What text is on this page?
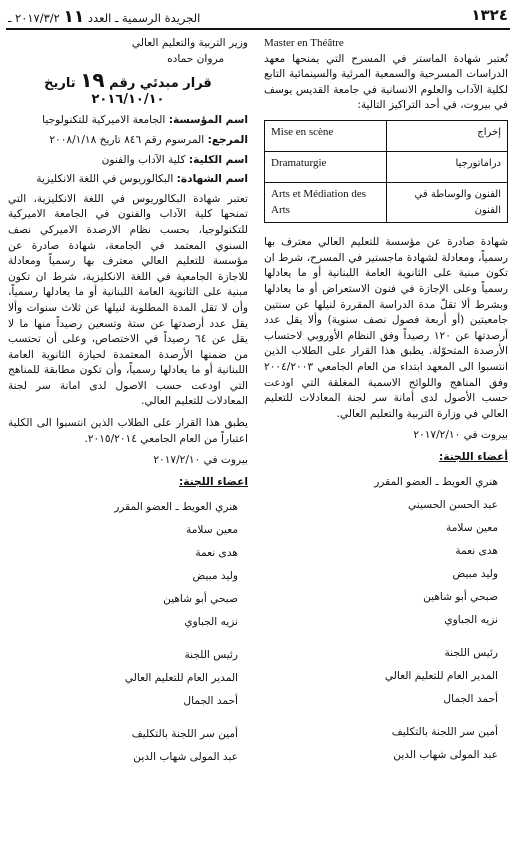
١٣٢٤
الجريدة الرسمية ـ العدد ١١ ٢٠١٧/٣/٢ ـ
Master en Théâtre

تُعتبر شهادة الماستر في المسرح التي يمنحها معهد الدراسات المسرحية والسمعية المرئية والسينمائية التابع لكلية الآداب والعلوم الانسانية في جامعة القديس يوسف في بيروت، في أحد التراكيز التالية:

Mise en scène	إخراج
Dramaturgie	دراماتورجيا
Arts et Médiation des Arts	الفنون والوساطة في الفنون

شهادة صادرة عن مؤسسة للتعليم العالي معترف بها رسمياً، ومعادلة لشهادة ماجستير في المسرح، شرط ان تكون مبنية على الثانوية العامة اللبنانية أو ما يعادلها رسمياً وعلى الإجازة في فنون الاستعراض أو ما يعادلها وبشرط ألا تقلّ مدة الدراسة المقررة لنيلها عن سنتين جامعيتين (أو أربعة فصول نصف سنوية) وألا يقل عدد أرصدتها عن ١٢٠ رصيداً وفق النظام الأوروبي لاحتساب الأرصدة المتحوّلة. يطبق هذا القرار على الطلاب الذين انتسبوا الى المعهد ابتداء من العام الجامعي ٢٠٠٤/٢٠٠٣ وفق المناهج واللوائح الاسمية المغلقة التي اودعت حسب الأصول لدى أمانة سر لجنة المعادلات للتعليم العالي في وزارة التربية والتعليم العالي.

بيروت في ٢٠١٧/٢/١٠
أعضاء اللجنة:
هنري العويط ـ العضو المقرر
عبد الحسن الحسيني
معين سلامة
هدى نعمة
وليد مبيض
صبحي أبو شاهين
نزيه الجباوي
رئيس اللجنة
المدير العام للتعليم العالي
أحمد الجمال
أمين سر اللجنة بالتكليف
عبد المولى شهاب الدين
وزير التربية والتعليم العالي
مروان حماده
قرار مبدئي رقم ١٩ تاريخ ٢٠١٦/١٠/١٠
اسم المؤسسة: الجامعة الاميركية للتكنولوجيا
المرجع: المرسوم رقم ٨٤٦ تاريخ ٢٠٠٨/١/١٨
اسم الكلية: كلية الآداب والفنون
اسم الشهادة: البكالوريوس في اللغة الانكليزية

تعتبر شهادة البكالوريوس في اللغة الانكليزية، التي تمنحها كلية الآداب والفنون في الجامعة الاميركية للتكنولوجيا، بحسب نظام الارصدة الاميركي نصف السنوي المعتمد في الجامعة، شهادة صادرة عن مؤسسة للتعليم العالي معترف بها رسمياً ومعادلة للاجازة الجامعية في اللغة الانكليزية، شرط ان تكون مبنية على الثانوية العامة اللبنانية أو ما يعادلها رسمياً، وأن لا تقل المدة المطلوبة لنيلها عن ثلاث سنوات وألا يقل عدد أرصدتها عن ستة وتسعين رصيداً منها ما لا يقل عن ٦٤ رصيداً في الاختصاص، وعلى أن تحتسب من ضمنها الأرصدة المعتمدة لحيازة الثانوية العامة اللبنانية أو ما يعادلها رسمياً، وأن تكون مطابقة للمناهج التي اودعت حسب الاصول لدى امانة سر لجنة المعادلات للتعليم العالي.

يطبق هذا القرار على الطلاب الذين انتسبوا الى الكلية اعتباراً من العام الجامعي ٢٠١٥/٢٠١٤.

بيروت في ٢٠١٧/٢/١٠
اعضاء اللجنة:
هنري العويط ـ العضو المقرر
معين سلامة
هدى نعمة
وليد مبيض
صبحي أبو شاهين
نزيه الجباوي
رئيس اللجنة
المدير العام للتعليم العالي
أحمد الجمال
أمين سر اللجنة بالتكليف
عبد المولى شهاب الدين
